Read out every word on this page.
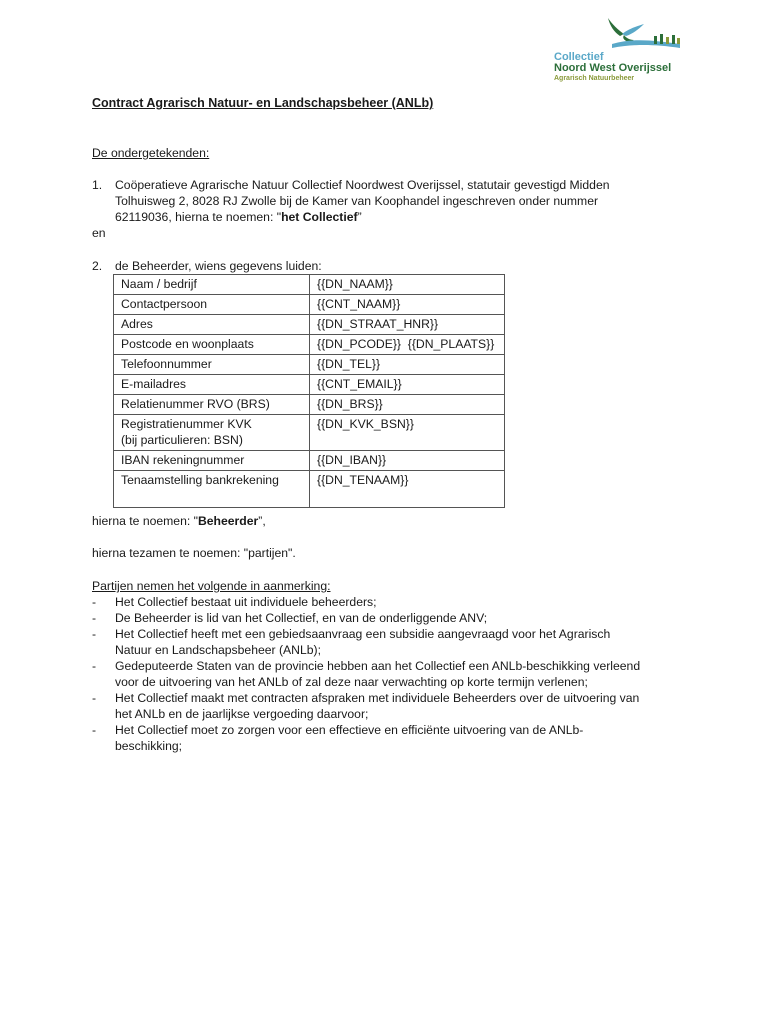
Collectief
Noord West Overijssel
Agrarisch Natuurbeheer
Contract Agrarisch Natuur- en Landschapsbeheer (ANLb)
De ondergetekenden:
1. Coöperatieve Agrarische Natuur Collectief Noordwest Overijssel, statutair gevestigd Midden
Tolhuisweg 2, 8028 RJ Zwolle bij de Kamer van Koophandel ingeschreven onder nummer
62119036, hierna te noemen: "het Collectief”
en
2. de Beheerder, wiens gegevens luiden:
Naam / bedrijf	{{DN_NAAM}}
Contactpersoon	{{CNT_NAAM}}
Adres	{{DN_STRAAT_HNR}}
Postcode en woonplaats	{{DN_PCODE}}  {{DN_PLAATS}}
Telefoonnummer	{{DN_TEL}}
E-mailadres	{{CNT_EMAIL}}
Relatienummer RVO (BRS)	{{DN_BRS}}
Registratienummer KVK
(bij particulieren: BSN)	{{DN_KVK_BSN}}
IBAN rekeningnummer	{{DN_IBAN}}
Tenaamstelling bankrekening	{{DN_TENAAM}}
hierna te noemen: "Beheerder”,
hierna tezamen te noemen: "partijen".
Partijen nemen het volgende in aanmerking:
- Het Collectief bestaat uit individuele beheerders;
- De Beheerder is lid van het Collectief, en van de onderliggende ANV;
- Het Collectief heeft met een gebiedsaanvraag een subsidie aangevraagd voor het Agrarisch
Natuur en Landschapsbeheer (ANLb);
- Gedeputeerde Staten van de provincie hebben aan het Collectief een ANLb-beschikking verleend
voor de uitvoering van het ANLb of zal deze naar verwachting op korte termijn verlenen;
- Het Collectief maakt met contracten afspraken met individuele Beheerders over de uitvoering van
het ANLb en de jaarlijkse vergoeding daarvoor;
- Het Collectief moet zo zorgen voor een effectieve en efficiënte uitvoering van de ANLb-
beschikking;
